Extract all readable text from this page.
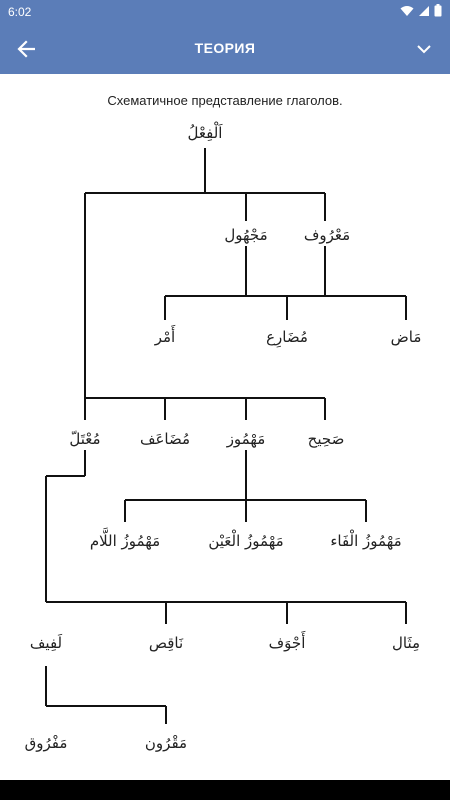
6:02
ТЕОРИЯ
Схематичное представление глаголов.
اَلْفِعْلُ
مَجْهُول مَعْرُوف
أَمْر	مُضَارِع	مَاض
مُعْتَلّ	مُضَاعَف مَهْمُوز	صَحِيح
مَهْمُوزُ اللَّام	مَهْمُوزُ الْعَيْن	مَهْمُوزُ الْفَاء
لَفِيف	نَاقِص	أَجْوَف	مِثَال
مَفْرُوق	مَقْرُون
